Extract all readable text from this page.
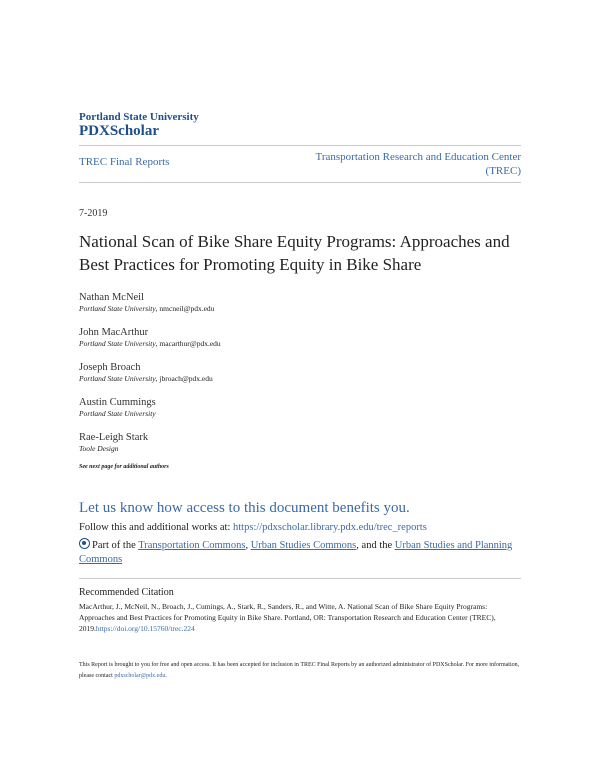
Portland State University
PDXScholar
TREC Final Reports	Transportation Research and Education Center
(TREC)
7-2019
National Scan of Bike Share Equity Programs: Approaches and Best Practices for Promoting Equity in Bike Share
Nathan McNeil
Portland State University, nmcneil@pdx.edu
John MacArthur
Portland State University, macarthur@pdx.edu
Joseph Broach
Portland State University, jbroach@pdx.edu
Austin Cummings
Portland State University
Rae-Leigh Stark
Toole Design
See next page for additional authors
Let us know how access to this document benefits you.
Follow this and additional works at: https://pdxscholar.library.pdx.edu/trec_reports
Part of the Transportation Commons, Urban Studies Commons, and the Urban Studies and Planning Commons
Recommended Citation
MacArthur, J., McNeil, N., Broach, J., Cumings, A., Stark, R., Sanders, R., and Witte, A. National Scan of Bike Share Equity Programs: Approaches and Best Practices for Promoting Equity in Bike Share. Portland, OR: Transportation Research and Education Center (TREC), 2019.https://doi.org/10.15760/trec.224
This Report is brought to you for free and open access. It has been accepted for inclusion in TREC Final Reports by an authorized administrator of PDXScholar. For more information, please contact pdxscholar@pdx.edu.
